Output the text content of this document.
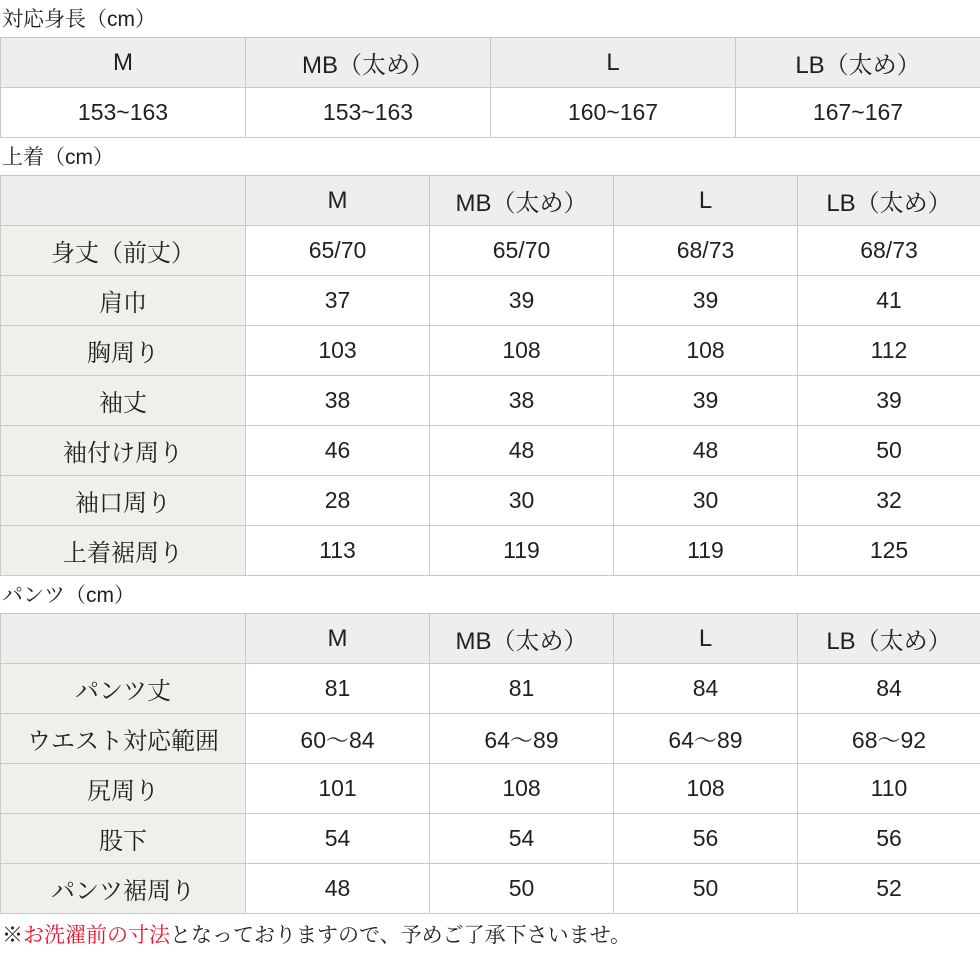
対応身長（cm）
M	MB（太め）	L	LB（太め）
153~163	153~163	160~167	167~167
上着（cm）
	M	MB（太め）	L	LB（太め）
身丈（前丈）	65/70	65/70	68/73	68/73
肩巾	37	39	39	41
胸周り	103	108	108	112
袖丈	38	38	39	39
袖付け周り	46	48	48	50
袖口周り	28	30	30	32
上着裾周り	113	119	119	125
パンツ（cm）
	M	MB（太め）	L	LB（太め）
パンツ丈	81	81	84	84
ウエスト対応範囲	60〜84	64〜89	64〜89	68〜92
尻周り	101	108	108	110
股下	54	54	56	56
パンツ裾周り	48	50	50	52
※お洗濯前の寸法となっておりますので、予めご了承下さいませ。
